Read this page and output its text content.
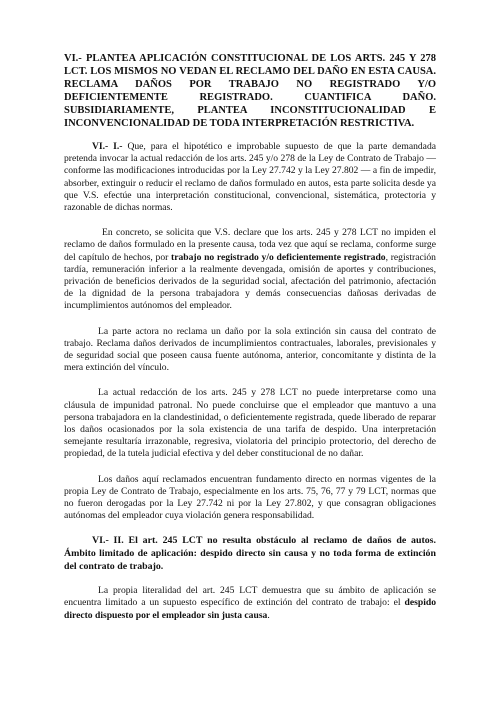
VI.- PLANTEA APLICACIÓN CONSTITUCIONAL DE LOS ARTS. 245 Y 278 LCT. LOS MISMOS NO VEDAN EL RECLAMO DEL DAÑO EN ESTA CAUSA. RECLAMA DAÑOS POR TRABAJO NO REGISTRADO Y/O DEFICIENTEMENTE REGISTRADO. CUANTIFICA DAÑO. SUBSIDIARIAMENTE, PLANTEA INCONSTITUCIONALIDAD E INCONVENCIONALIDAD DE TODA INTERPRETACIÓN RESTRICTIVA.

VI.- I.- Que, para el hipotético e improbable supuesto de que la parte demandada pretenda invocar la actual redacción de los arts. 245 y/o 278 de la Ley de Contrato de Trabajo —conforme las modificaciones introducidas por la Ley 27.742 y la Ley 27.802 — a fin de impedir, absorber, extinguir o reducir el reclamo de daños formulado en autos, esta parte solicita desde ya que V.S. efectúe una interpretación constitucional, convencional, sistemática, protectoria y razonable de dichas normas.

En concreto, se solicita que V.S. declare que los arts. 245 y 278 LCT no impiden el reclamo de daños formulado en la presente causa, toda vez que aquí se reclama, conforme surge del capítulo de hechos, por trabajo no registrado y/o deficientemente registrado, registración tardía, remuneración inferior a la realmente devengada, omisión de aportes y contribuciones, privación de beneficios derivados de la seguridad social, afectación del patrimonio, afectación de la dignidad de la persona trabajadora y demás consecuencias dañosas derivadas de incumplimientos autónomos del empleador.

La parte actora no reclama un daño por la sola extinción sin causa del contrato de trabajo. Reclama daños derivados de incumplimientos contractuales, laborales, previsionales y de seguridad social que poseen causa fuente autónoma, anterior, concomitante y distinta de la mera extinción del vínculo.

La actual redacción de los arts. 245 y 278 LCT no puede interpretarse como una cláusula de impunidad patronal. No puede concluirse que el empleador que mantuvo a una persona trabajadora en la clandestinidad, o deficientemente registrada, quede liberado de reparar los daños ocasionados por la sola existencia de una tarifa de despido. Una interpretación semejante resultaría irrazonable, regresiva, violatoria del principio protectorio, del derecho de propiedad, de la tutela judicial efectiva y del deber constitucional de no dañar.

Los daños aquí reclamados encuentran fundamento directo en normas vigentes de la propia Ley de Contrato de Trabajo, especialmente en los arts. 75, 76, 77 y 79 LCT, normas que no fueron derogadas por la Ley 27.742 ni por la Ley 27.802, y que consagran obligaciones autónomas del empleador cuya violación genera responsabilidad.

VI.- II. El art. 245 LCT no resulta obstáculo al reclamo de daños de autos. Ámbito limitado de aplicación: despido directo sin causa y no toda forma de extinción del contrato de trabajo.

La propia literalidad del art. 245 LCT demuestra que su ámbito de aplicación se encuentra limitado a un supuesto específico de extinción del contrato de trabajo: el despido directo dispuesto por el empleador sin justa causa.
